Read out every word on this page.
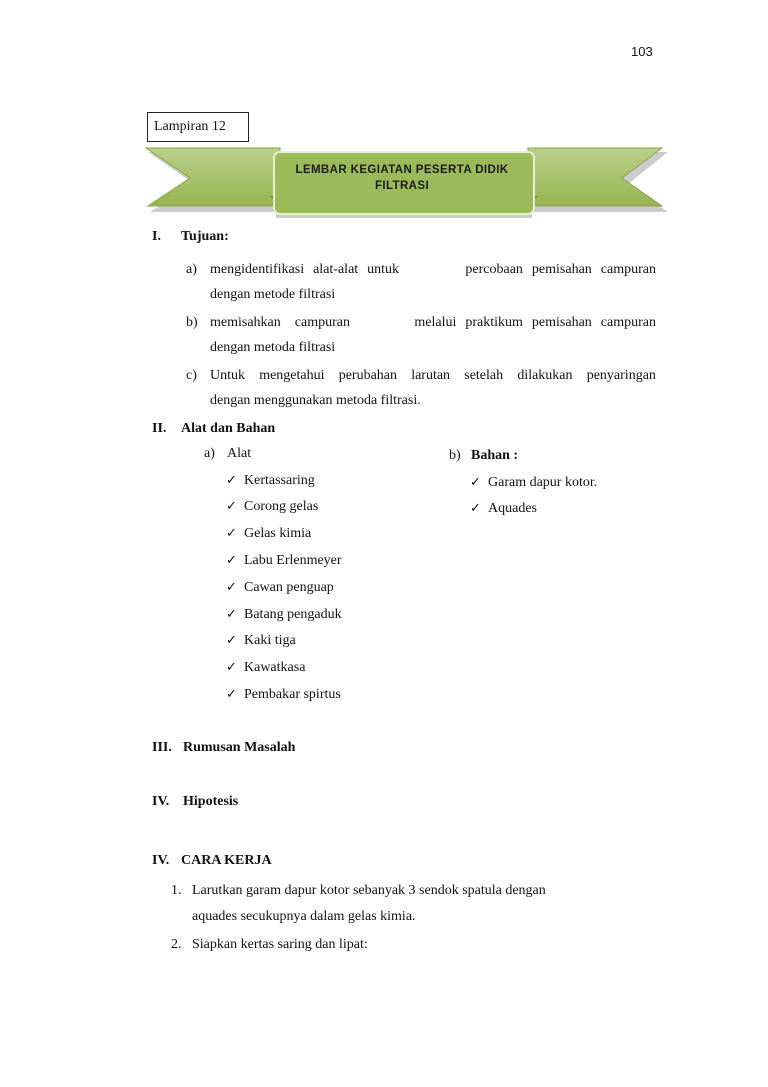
103
Lampiran 12
LEMBAR KEGIATAN PESERTA DIDIK
FILTRASI
I. Tujuan:
a) mengidentifikasi alat-alat untuk	percobaan pemisahan campuran
dengan metode filtrasi
b) memisahkan campuran	melalui praktikum pemisahan campuran
dengan metoda filtrasi
c) Untuk mengetahui perubahan larutan setelah dilakukan penyaringan
dengan menggunakan metoda filtrasi.
II. Alat dan Bahan
a) Alat	b) Bahan :
✓ Kertassaring
✓ Corong gelas
✓ Gelas kimia
✓ Labu Erlenmeyer
✓ Cawan penguap
✓ Batang pengaduk
✓ Kaki tiga
✓ Kawatkasa
✓ Pembakar spirtus
✓ Garam dapur kotor.
✓ Aquades
III. Rumusan Masalah
IV. Hipotesis
IV. CARA KERJA
1. Larutkan garam dapur kotor sebanyak 3 sendok spatula dengan
aquades secukupnya dalam gelas kimia.
2. Siapkan kertas saring dan lipat:
